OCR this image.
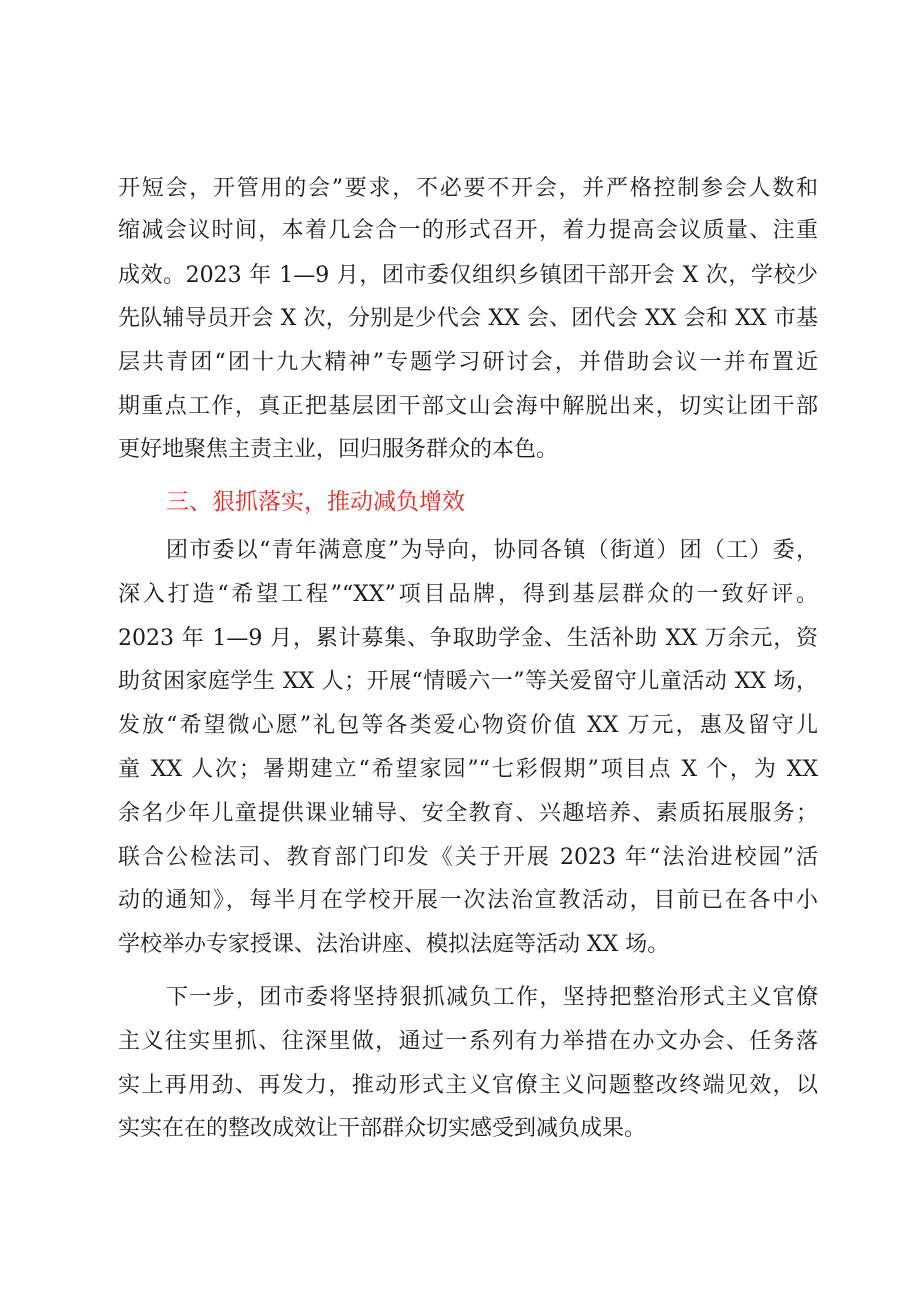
开短会，开管用的会”要求，不必要不开会，并严格控制参会人数和
缩减会议时间，本着几会合一的形式召开，着力提高会议质量、注重
成效。2023 年 1—9 月，团市委仅组织乡镇团干部开会 X 次，学校少
先队辅导员开会 X 次，分别是少代会 XX 会、团代会 XX 会和 XX 市基
层共青团“团十九大精神”专题学习研讨会，并借助会议一并布置近
期重点工作，真正把基层团干部文山会海中解脱出来，切实让团干部
更好地聚焦主责主业，回归服务群众的本色。
三、狠抓落实，推动减负增效
团市委以“青年满意度”为导向，协同各镇（街道）团（工）委，
深入打造“希望工程”“XX”项目品牌，得到基层群众的一致好评。
2023 年 1—9 月，累计募集、争取助学金、生活补助 XX 万余元，资
助贫困家庭学生 XX 人；开展“情暖六一”等关爱留守儿童活动 XX 场，
发放“希望微心愿”礼包等各类爱心物资价值 XX 万元，惠及留守儿
童 XX 人次；暑期建立“希望家园”“七彩假期”项目点 X 个，为 XX
余名少年儿童提供课业辅导、安全教育、兴趣培养、素质拓展服务；
联合公检法司、教育部门印发《关于开展 2023 年“法治进校园”活
动的通知》，每半月在学校开展一次法治宣教活动，目前已在各中小
学校举办专家授课、法治讲座、模拟法庭等活动 XX 场。
下一步，团市委将坚持狠抓减负工作，坚持把整治形式主义官僚
主义往实里抓、往深里做，通过一系列有力举措在办文办会、任务落
实上再用劲、再发力，推动形式主义官僚主义问题整改终端见效，以
实实在在的整改成效让干部群众切实感受到减负成果。
